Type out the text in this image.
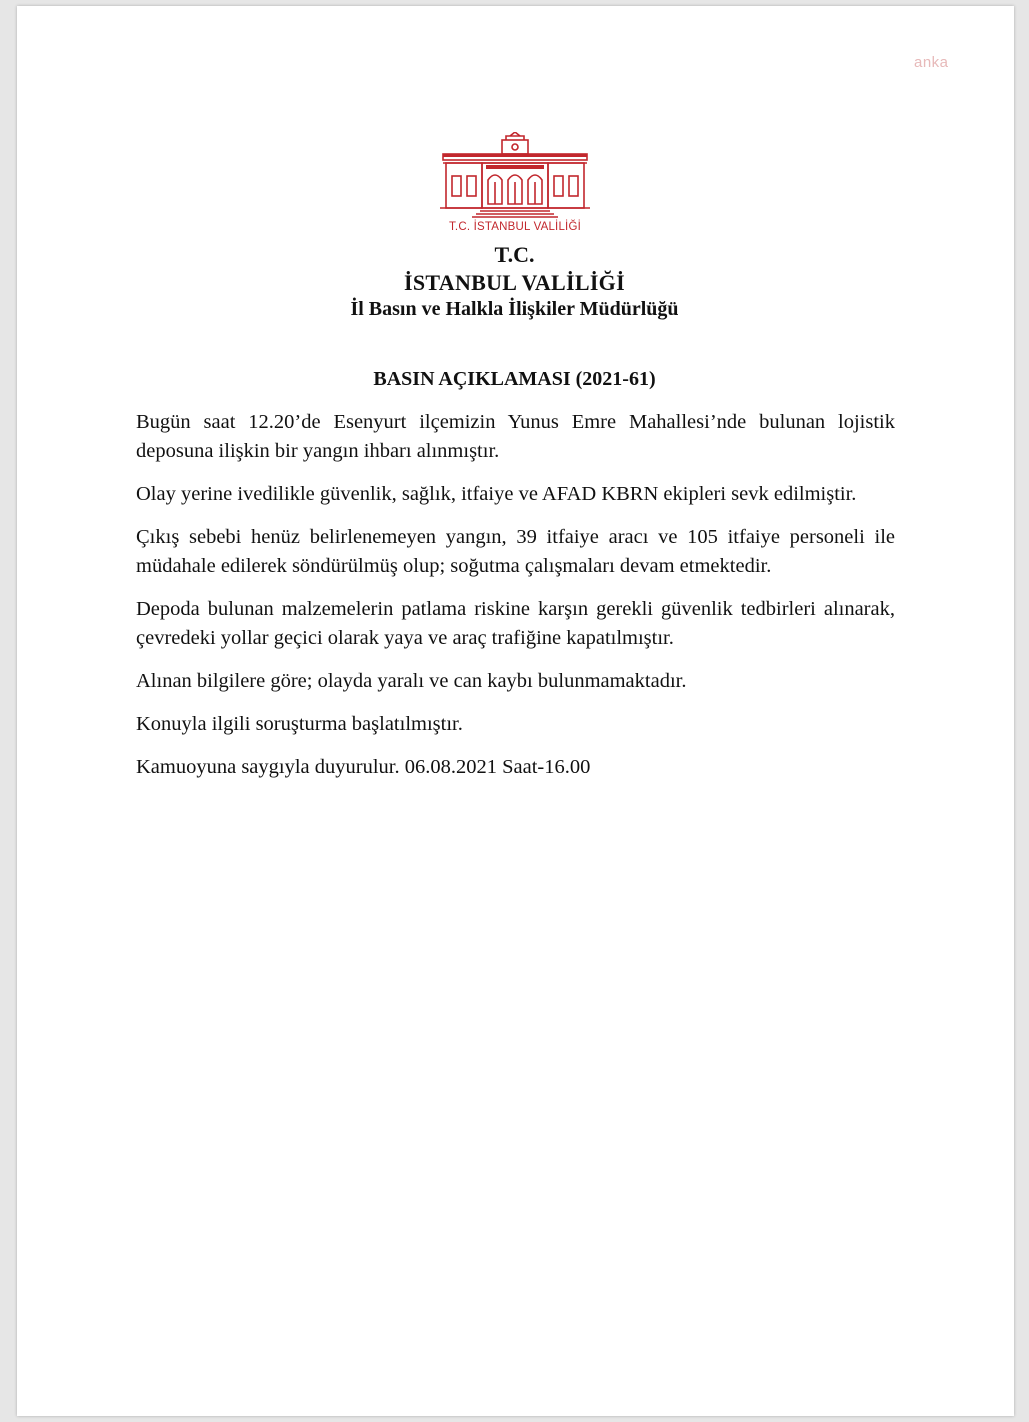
anka
T.C. İSTANBUL VALİLİĞİ
T.C.
İSTANBUL VALİLİĞİ
İl Basın ve Halkla İlişkiler Müdürlüğü
BASIN AÇIKLAMASI (2021-61)

Bugün saat 12.20’de Esenyurt ilçemizin Yunus Emre Mahallesi’nde bulunan lojistik deposuna ilişkin bir yangın ihbarı alınmıştır.

Olay yerine ivedilikle güvenlik, sağlık, itfaiye ve AFAD KBRN ekipleri sevk edilmiştir.

Çıkış sebebi henüz belirlenemeyen yangın, 39 itfaiye aracı ve 105 itfaiye personeli ile müdahale edilerek söndürülmüş olup; soğutma çalışmaları devam etmektedir.

Depoda bulunan malzemelerin patlama riskine karşın gerekli güvenlik tedbirleri alınarak, çevredeki yollar geçici olarak yaya ve araç trafiğine kapatılmıştır.

Alınan bilgilere göre; olayda yaralı ve can kaybı bulunmamaktadır.

Konuyla ilgili soruşturma başlatılmıştır.

Kamuoyuna saygıyla duyurulur. 06.08.2021 Saat-16.00
